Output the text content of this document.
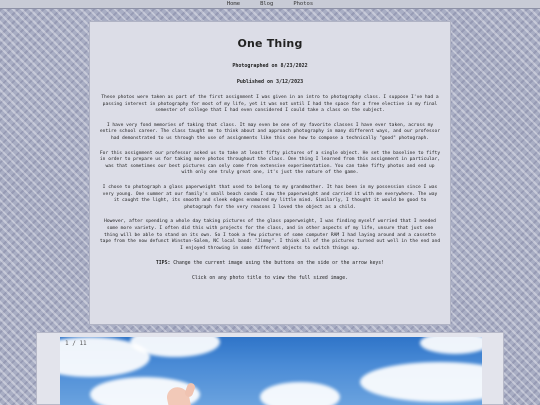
Home	Blog	Photos
One Thing

Photographed on 8/23/2022

Published on 3/12/2023

These photos were taken as part of the first assignment I was given in an intro to photography class. I suppose I've had a passing interest in photography for most of my life, yet it was not until I had the space for a free elective in my final semester of college that I had even considered I could take a class on the subject.

I have very fond memories of taking that class. It may even be one of my favorite classes I have ever taken, across my entire school career. The class taught me to think about and approach photography in many different ways, and our professor had demonstrated to us through the use of assignments like this one how to compose a technically "good" photograph.

For this assignment our professor asked us to take at least fifty pictures of a single object. He set the baseline to fifty in order to prepare us for taking more photos throughout the class. One thing I learned from this assignment in particular, was that sometimes our best pictures can only come from extensive experimentation. You can take fifty photos and end up with only one truly great one, it's just the nature of the game.

I chose to photograph a glass paperweight that used to belong to my grandmother. It has been in my possession since I was very young. One summer at our family's small beach condo I saw the paperweight and carried it with me everywhere. The way it caught the light, its smooth and sleek edges enamored my little mind. Similarly, I thought it would be good to photograph for the very reasons I loved the object as a child.

However, after spending a whole day taking pictures of the glass paperweight, I was finding myself worried that I needed some more variety. I often did this with projects for the class, and in other aspects of my life, unsure that just one thing will be able to stand on its own. So I took a few pictures of some computer RAM I had laying around and a cassette tape from the now defunct Winston-Salem, NC local band: "Jimmy". I think all of the pictures turned out well in the end and I enjoyed throwing in some different objects to switch things up.

TIPS: Change the current image using the buttons on the side or the arrow keys!

Click on any photo title to view the full sized image.

1 / 11
